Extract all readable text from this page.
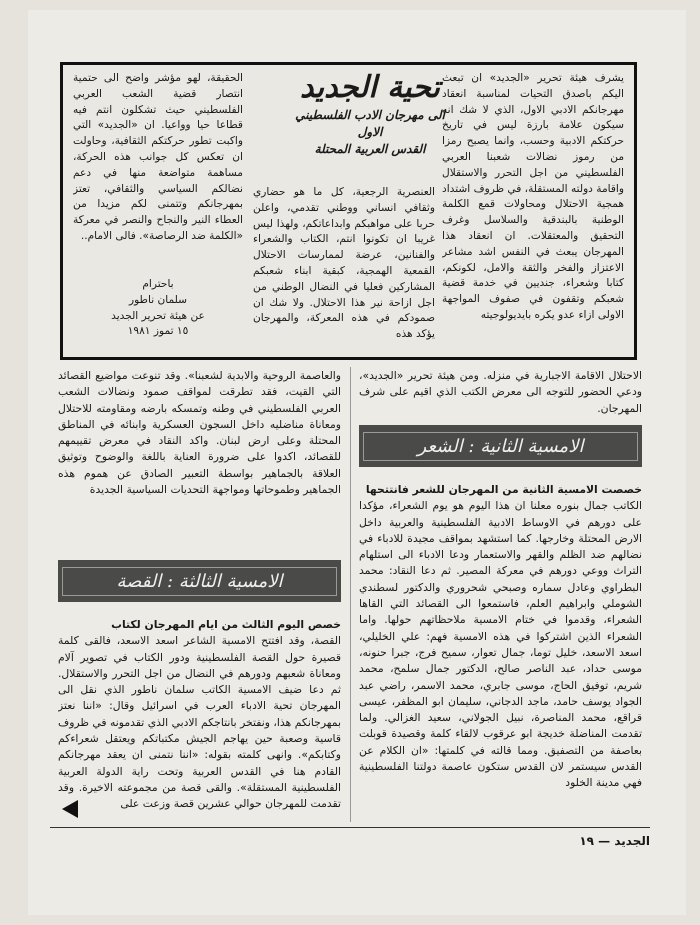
يشرف هيئة تحرير «الجديد» ان تبعث اليكم باصدق التحيات لمناسبة انعقاد مهرجانكم الادبي الاول، الذي لا شك انه سيكون علامة بارزة ليس في تاريخ حركتكم الادبية وحسب، وانما يصبح رمزا من رموز نضالات شعبنا العربي الفلسطيني من اجل التحرر والاستقلال واقامة دولته المستقلة، في ظروف اشتداد همجية الاحتلال ومحاولات قمع الكلمة الوطنية بالبندقية والسلاسل وغرف التحقيق والمعتقلات. ان انعقاد هذا المهرجان يبعث في النفس اشد مشاعر الاعتزاز والفخر والثقة والامل، لكونكم، كتابا وشعراء، جنديين في خدمة قضية شعبكم وتقفون في صفوف المواجهة الاولى ازاء عدو يكره بايديولوجيته

تحية الجديد
الى مهرجان الادب الفلسطيني الاول
القدس العربية المحتلة

العنصرية الرجعية، كل ما هو حضاري وثقافي انساني ووطني تقدمي، واعلن حربا على مواهبكم وابداعاتكم، ولهذا ليس غريبا ان تكونوا انتم، الكتاب والشعراء والفنانين، عرضة لممارسات الاحتلال القمعية الهمجية، كبقية ابناء شعبكم المشاركين فعليا في النضال الوطني من اجل ازاحة نير هذا الاحتلال. ولا شك ان صمودكم في هذه المعركة، والمهرجان يؤكد هذه

الحقيقة، لهو مؤشر واضح الى حتمية انتصار قضية الشعب العربي الفلسطيني حيث تشكلون انتم فيه قطاعا حيا وواعيا. ان «الجديد» التي واكبت تطور حركتكم الثقافية، وحاولت ان تعكس كل جوانب هذه الحركة، مساهمة متواضعة منها في دعم نضالكم السياسي والثقافي، تعتز بمهرجانكم وتتمنى لكم مزيدا من العطاء النير والنجاح والنصر في معركة «الكلمة ضد الرصاصة». فالى الامام..

باحترام
سلمان ناطور
عن هيئة تحرير الجديد
١٥ تموز ١٩٨١

الاحتلال الاقامة الاجبارية في منزله. ومن هيئة تحرير «الجديد»، ودعي الحضور للتوجه الى معرض الكتب الذي اقيم على شرف المهرجان.

الامسية الثانية : الشعر

خصصت الامسية الثانية من المهرجان للشعر فانتتحها

الكاتب جمال بنوره معلنا ان هذا اليوم هو يوم الشعراء، مؤكدا على دورهم في الاوساط الادبية الفلسطينية والعربية داخل الارض المحتلة وخارجها. كما استشهد بمواقف مجيدة للادباء في نضالهم ضد الظلم والقهر والاستعمار ودعا الادباء الى استلهام التراث ووعي دورهم في معركة المصير. ثم دعا النقاد: محمد البطراوي وعادل سماره وصبحي شحروري والدكتور لسطندي الشوملي وابراهيم العلم، فاستمعوا الى القصائد التي القاها الشعراء، وقدموا في ختام الامسية ملاحظاتهم حولها. واما الشعراء الذين اشتركوا في هذه الامسية فهم: علي الخليلي، اسعد الاسعد، خليل توما، جمال تعوار، سميح فرج، جبرا حنونه، موسى حداد، عبد الناصر صالح، الدكتور جمال سلمح، محمد شريم، توفيق الحاج، موسى جابري، محمد الاسمر، راضي عبد الجواد يوسف حامد، ماجد الدجاني، سليمان ابو المظفر، عيسى قراقع، محمد المناصرة، نبيل الجولاني، سعيد الغزالي. ولما تقدمت المناضلة خديجة ابو عرقوب لالقاء كلمة وقصيدة قوبلت بعاصفة من التصفيق. ومما قالته في كلمتها: «ان الكلام عن القدس سيستمر لان القدس ستكون عاصمة دولتنا الفلسطينية فهي مدينة الخلود

والعاصمة الروحية والابدية لشعبنا». وقد تنوعت مواضيع القصائد التي القيت، فقد تطرقت لمواقف صمود ونضالات الشعب العربي الفلسطيني في وطنه وتمسكه بارضه ومقاومته للاحتلال ومعاناة مناضليه داخل السجون العسكرية وابنائه في المناطق المحتلة وعلى ارض لبنان. واكد النقاد في معرض تقييمهم للقصائد، اكدوا على ضرورة العناية باللغة والوضوح وتوثيق العلاقة بالجماهير بواسطة التعبير الصادق عن هموم هذه الجماهير وطموحاتها ومواجهة التحديات السياسية الجديدة

الامسية الثالثة : القصة

خصص اليوم الثالث من ايام المهرجان لكتاب

القصة، وقد افتتح الامسية الشاعر اسعد الاسعد، فالقى كلمة قصيرة حول القصة الفلسطينية ودور الكتاب في تصوير آلام ومعاناة شعبهم ودورهم في النضال من اجل التحرر والاستقلال. ثم دعا ضيف الامسية الكاتب سلمان ناطور الذي نقل الى المهرجان تحية الادباء العرب في اسرائيل وقال: «اننا نعتز بمهرجانكم هذا، ونفتخر بانتاجكم الادبي الذي تقدمونه في ظروف قاسية وصعبة حين يهاجم الجيش مكتباتكم ويعتقل شعراءكم وكتابكم». وانهى كلمته بقوله: «اننا نتمنى ان يعقد مهرجانكم القادم هنا في القدس العربية وتحت راية الدولة العربية الفلسطينية المستقلة». والقى قصة من مجموعته الاخيرة. وقد تقدمت للمهرجان حوالي عشرين قصة وزعت على

الجديد — ١٩
